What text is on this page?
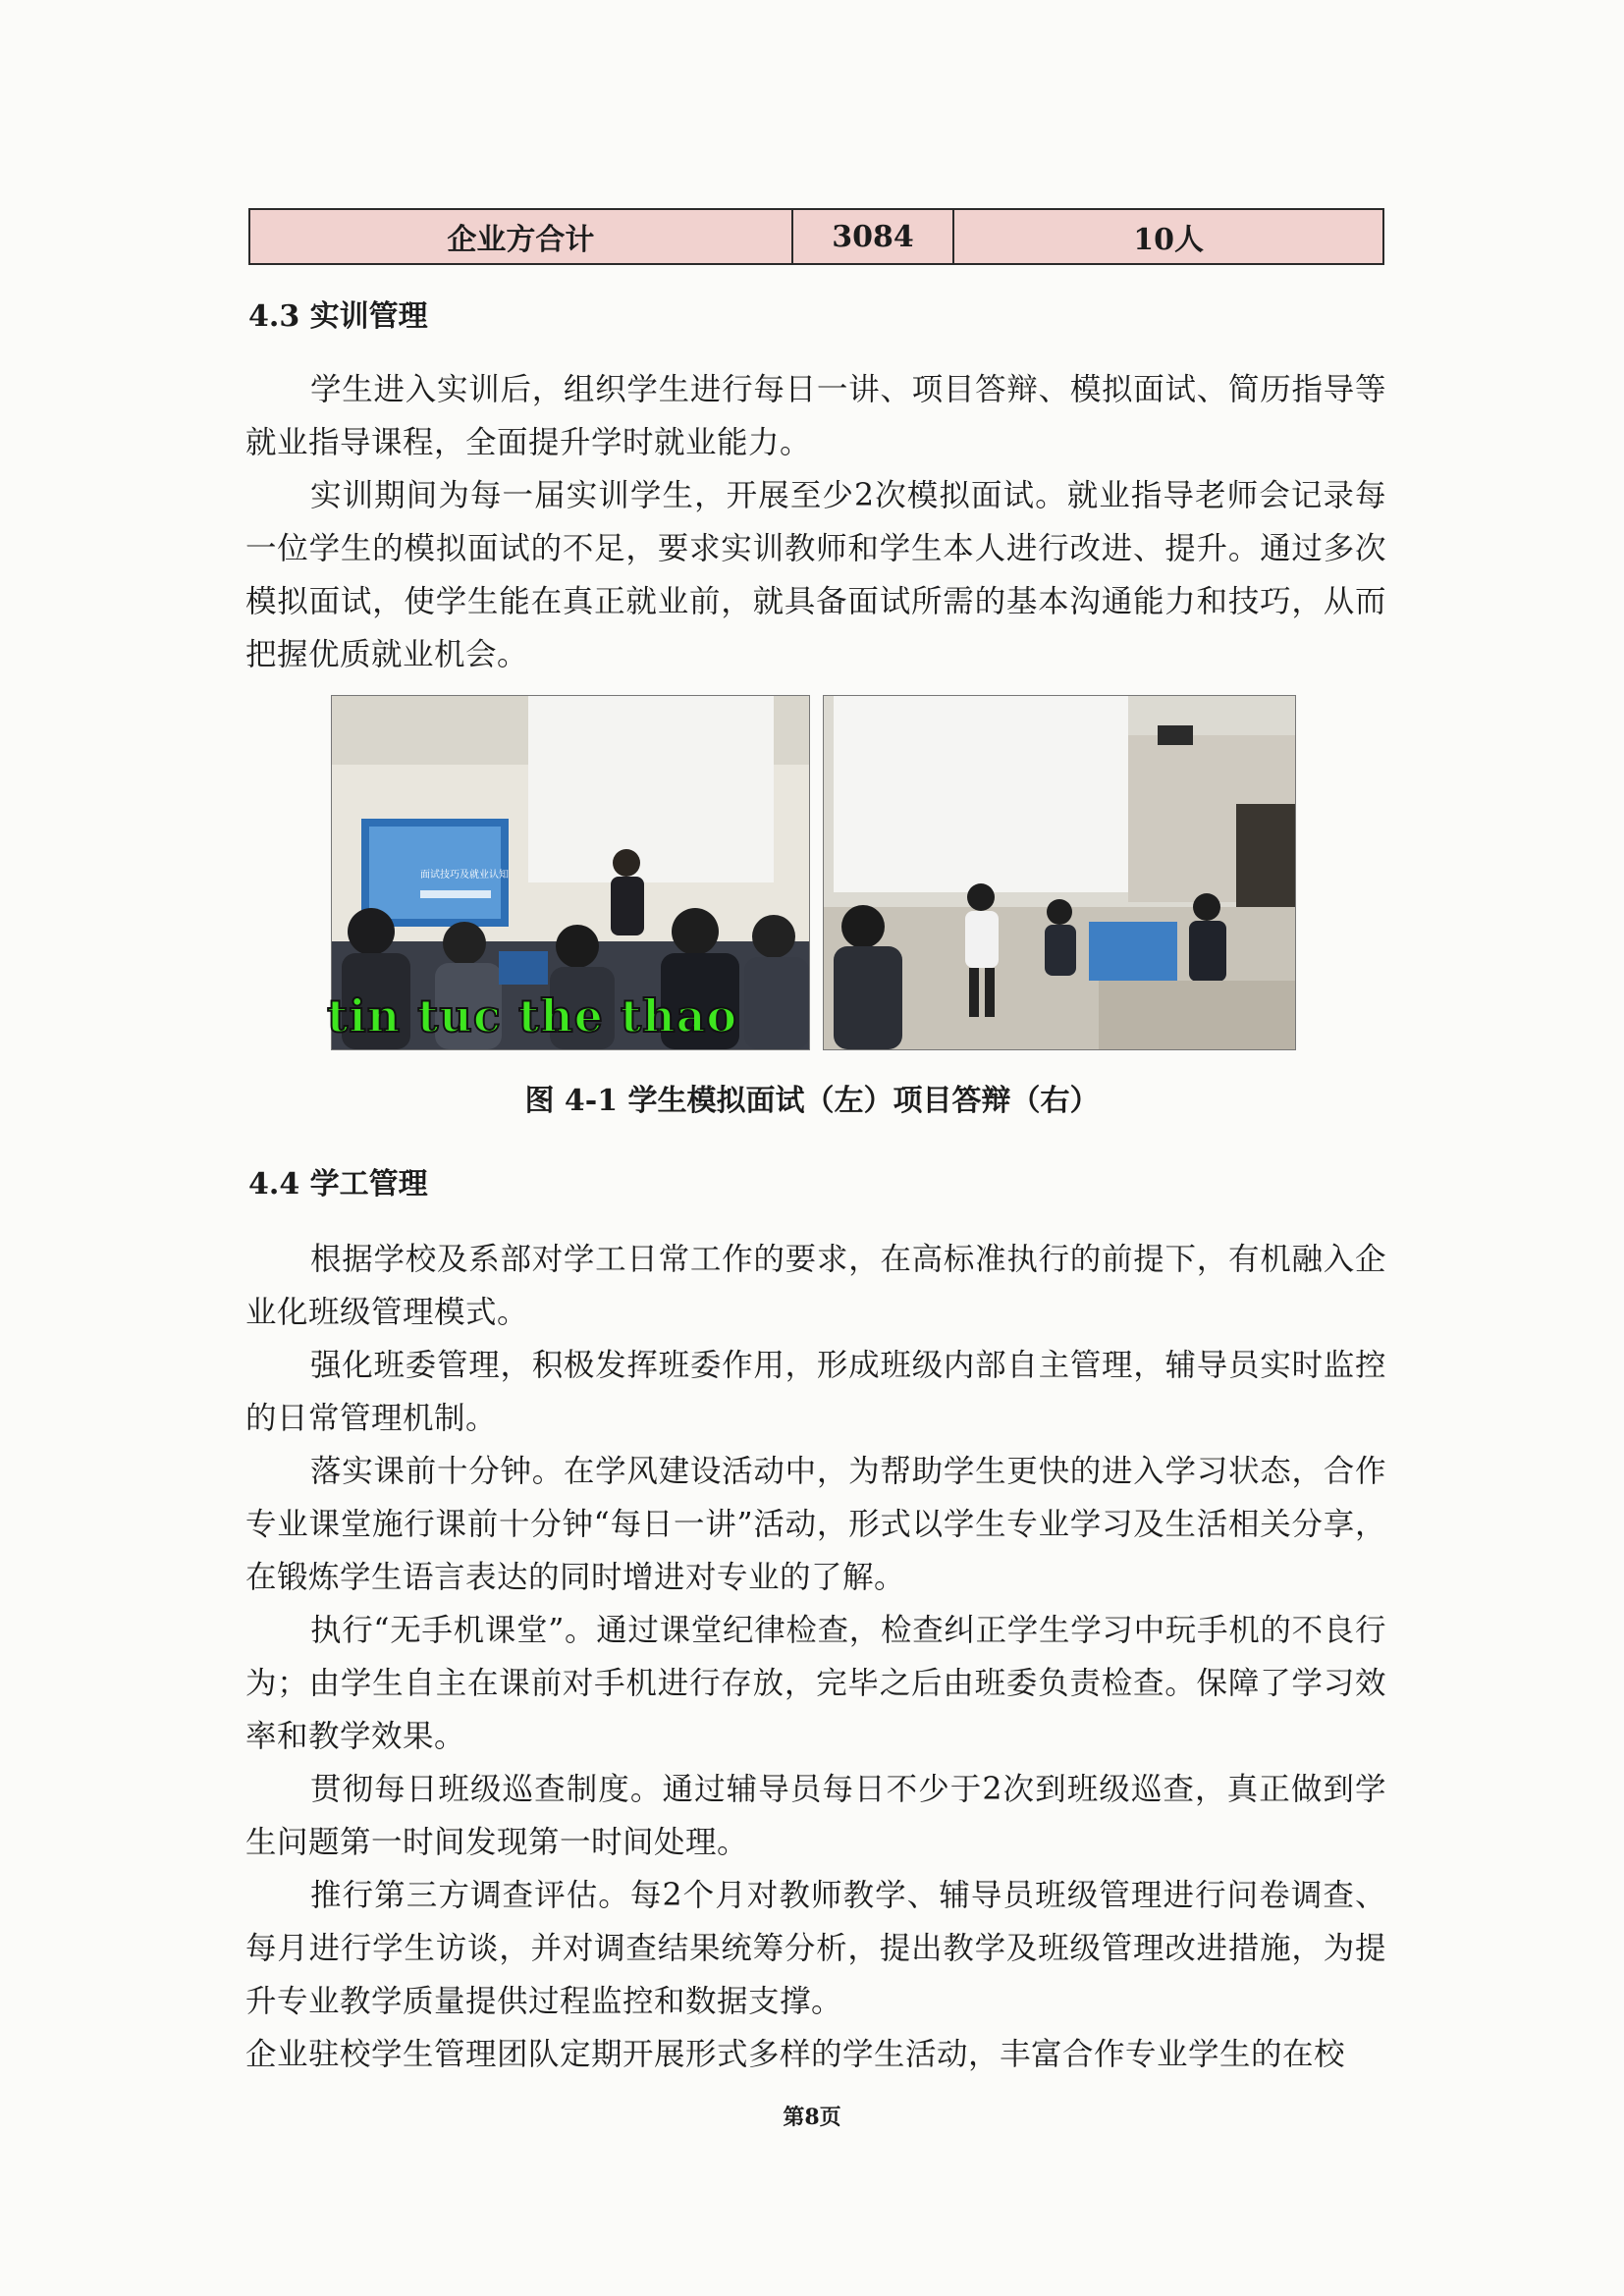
企业方合计	3084	10人
4.3 实训管理

学生进入实训后，组织学生进行每日一讲、项目答辩、模拟面试、简历指导等就业指导课程，全面提升学时就业能力。

实训期间为每一届实训学生，开展至少2次模拟面试。就业指导老师会记录每一位学生的模拟面试的不足，要求实训教师和学生本人进行改进、提升。通过多次模拟面试，使学生能在真正就业前，就具备面试所需的基本沟通能力和技巧，从而把握优质就业机会。

面试技巧及就业认知
tin tuc the thao
图 4-1 学生模拟面试（左）项目答辩（右）
4.4 学工管理

根据学校及系部对学工日常工作的要求，在高标准执行的前提下，有机融入企业化班级管理模式。

强化班委管理，积极发挥班委作用，形成班级内部自主管理，辅导员实时监控的日常管理机制。

落实课前十分钟。在学风建设活动中，为帮助学生更快的进入学习状态，合作专业课堂施行课前十分钟“每日一讲”活动，形式以学生专业学习及生活相关分享，在锻炼学生语言表达的同时增进对专业的了解。

执行“无手机课堂”。通过课堂纪律检查，检查纠正学生学习中玩手机的不良行为；由学生自主在课前对手机进行存放，完毕之后由班委负责检查。保障了学习效率和教学效果。

贯彻每日班级巡查制度。通过辅导员每日不少于2次到班级巡查，真正做到学生问题第一时间发现第一时间处理。

推行第三方调查评估。每2个月对教师教学、辅导员班级管理进行问卷调查、每月进行学生访谈，并对调查结果统筹分析，提出教学及班级管理改进措施，为提升专业教学质量提供过程监控和数据支撑。

企业驻校学生管理团队定期开展形式多样的学生活动，丰富合作专业学生的在校

第8页
